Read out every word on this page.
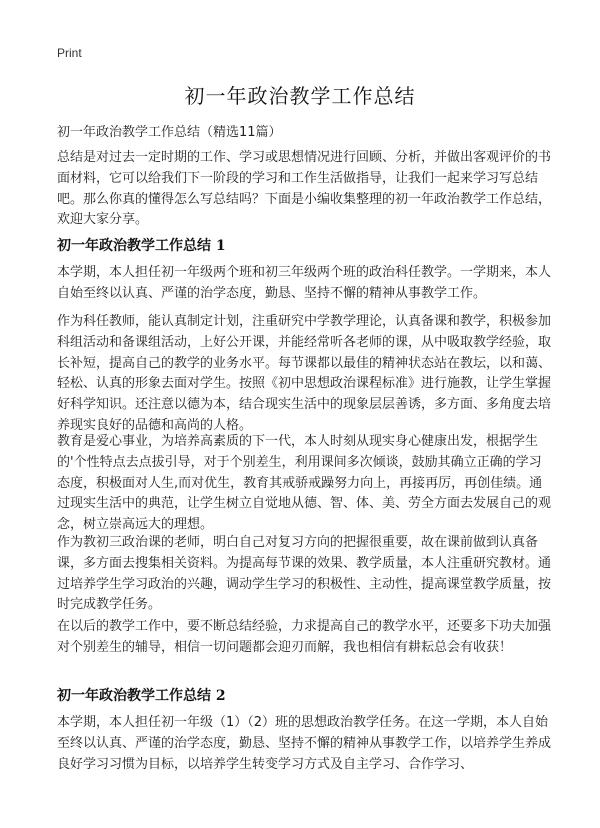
Print
初一年政治教学工作总结
初一年政治教学工作总结（精选11篇）

总结是对过去一定时期的工作、学习或思想情况进行回顾、分析，并做出客观评价的书面材料，它可以给我们下一阶段的学习和工作生活做指导，让我们一起来学习写总结吧。那么你真的懂得怎么写总结吗？下面是小编收集整理的初一年政治教学工作总结，欢迎大家分享。

初一年政治教学工作总结 1

本学期，本人担任初一年级两个班和初三年级两个班的政治科任教学。一学期来，本人自始至终以认真、严谨的治学态度，勤恳、坚持不懈的精神从事教学工作。

作为科任教师，能认真制定计划，注重研究中学教学理论，认真备课和教学，积极参加科组活动和备课组活动，上好公开课，并能经常听各老师的课，从中吸取教学经验，取长补短，提高自己的教学的业务水平。每节课都以最佳的精神状态站在教坛，以和蔼、轻松、认真的形象去面对学生。按照《初中思想政治课程标准》进行施教，让学生掌握好科学知识。还注意以德为本，结合现实生活中的现象层层善诱，多方面、多角度去培养现实良好的品德和高尚的人格。

教育是爱心事业，为培养高素质的下一代，本人时刻从现实身心健康出发，根据学生的'个性特点去点拔引导，对于个别差生，利用课间多次倾谈，鼓励其确立正确的学习态度，积极面对人生,而对优生，教育其戒骄戒躁努力向上，再接再厉，再创佳绩。通过现实生活中的典范，让学生树立自觉地从德、智、体、美、劳全方面去发展自己的观念，树立崇高远大的理想。

作为教初三政治课的老师，明白自己对复习方向的把握很重要，故在课前做到认真备课，多方面去搜集相关资料。为提高每节课的效果、教学质量，本人注重研究教材。通过培养学生学习政治的兴趣，调动学生学习的积极性、主动性，提高课堂教学质量，按时完成教学任务。

在以后的教学工作中，要不断总结经验，力求提高自己的教学水平，还要多下功夫加强对个别差生的辅导，相信一切问题都会迎刃而解，我也相信有耕耘总会有收获！

初一年政治教学工作总结 2

本学期，本人担任初一年级（1）（2）班的思想政治教学任务。在这一学期，本人自始至终以认真、严谨的治学态度，勤恳、坚持不懈的精神从事教学工作，以培养学生养成良好学习习惯为目标，以培养学生转变学习方式及自主学习、合作学习、
